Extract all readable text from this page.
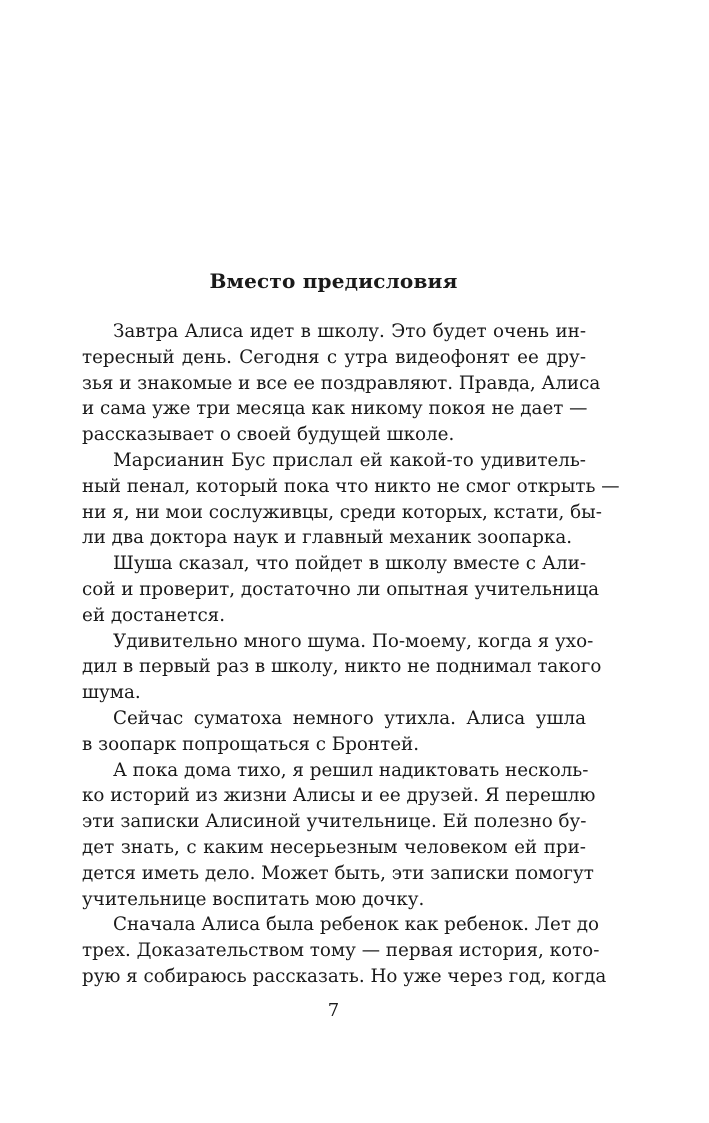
Вместо предисловия
Завтра Алиса идет в школу. Это будет очень ин-
тересный день. Сегодня с утра видеофонят ее дру-
зья и знакомые и все ее поздравляют. Правда, Алиса
и сама уже три месяца как никому покоя не дает —
рассказывает о своей будущей школе.
Марсианин Бус прислал ей какой-то удивитель-
ный пенал, который пока что никто не смог открыть —
ни я, ни мои сослуживцы, среди которых, кстати, бы-
ли два доктора наук и главный механик зоопарка.
Шуша сказал, что пойдет в школу вместе с Али-
сой и проверит, достаточно ли опытная учительница
ей достанется.
Удивительно много шума. По-моему, когда я ухо-
дил в первый раз в школу, никто не поднимал такого
шума.
Сейчас суматоха немного утихла. Алиса ушла
в зоопарк попрощаться с Бронтей.
А пока дома тихо, я решил надиктовать несколь-
ко историй из жизни Алисы и ее друзей. Я перешлю
эти записки Алисиной учительнице. Ей полезно бу-
дет знать, с каким несерьезным человеком ей при-
дется иметь дело. Может быть, эти записки помогут
учительнице воспитать мою дочку.
Сначала Алиса была ребенок как ребенок. Лет до
трех. Доказательством тому — первая история, кото-
рую я собираюсь рассказать. Но уже через год, когда
7
